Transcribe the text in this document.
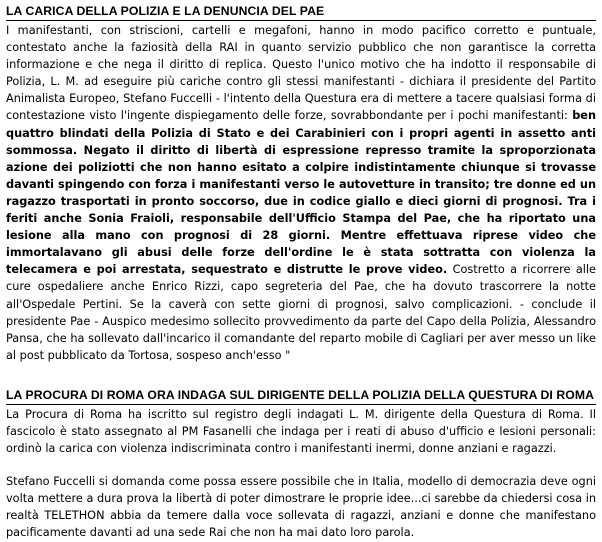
LA CARICA DELLA POLIZIA E LA DENUNCIA DEL PAE

I manifestanti, con striscioni, cartelli e megafoni, hanno in modo pacifico corretto e puntuale, contestato anche la faziosità della RAI in quanto servizio pubblico che non garantisce la corretta informazione e che nega il diritto di replica. Questo l'unico motivo che ha indotto il responsabile di Polizia, L. M. ad eseguire più cariche contro gli stessi manifestanti - dichiara il presidente del Partito Animalista Europeo, Stefano Fuccelli - l'intento della Questura era di mettere a tacere qualsiasi forma di contestazione visto l'ingente dispiegamento delle forze, sovrabbondante per i pochi manifestanti: ben quattro blindati della Polizia di Stato e dei Carabinieri con i propri agenti in assetto anti sommossa. Negato il diritto di libertà di espressione represso tramite la sproporzionata azione dei poliziotti che non hanno esitato a colpire indistintamente chiunque si trovasse davanti spingendo con forza i manifestanti verso le autovetture in transito; tre donne ed un ragazzo trasportati in pronto soccorso, due in codice giallo e dieci giorni di prognosi. Tra i feriti anche Sonia Fraioli, responsabile dell'Ufficio Stampa del Pae, che ha riportato una lesione alla mano con prognosi di 28 giorni. Mentre effettuava riprese video che immortalavano gli abusi delle forze dell'ordine le è stata sottratta con violenza la telecamera e poi arrestata, sequestrato e distrutte le prove video. Costretto a ricorrere alle cure ospedaliere anche Enrico Rizzi, capo segreteria del Pae, che ha dovuto trascorrere la notte all'Ospedale Pertini. Se la caverà con sette giorni di prognosi, salvo complicazioni. - conclude il presidente Pae - Auspico medesimo sollecito provvedimento da parte del Capo della Polizia, Alessandro Pansa, che ha sollevato dall'incarico il comandante del reparto mobile di Cagliari per aver messo un like al post pubblicato da Tortosa, sospeso anch'esso "

LA PROCURA DI ROMA ORA INDAGA SUL DIRIGENTE DELLA POLIZIA DELLA QUESTURA DI ROMA

La Procura di Roma ha iscritto sul registro degli indagati L. M. dirigente della Questura di Roma. Il fascicolo è stato assegnato al PM Fasanelli che indaga per i reati di abuso d'ufficio e lesioni personali: ordinò la carica con violenza indiscriminata contro i manifestanti inermi, donne anziani e ragazzi.

Stefano Fuccelli si domanda come possa essere possibile che in Italia, modello di democrazia deve ogni volta mettere a dura prova la libertà di poter dimostrare le proprie idee...ci sarebbe da chiedersi cosa in realtà TELETHON abbia da temere dalla voce sollevata di ragazzi, anziani e donne che manifestano pacificamente davanti ad una sede Rai che non ha mai dato loro parola.
